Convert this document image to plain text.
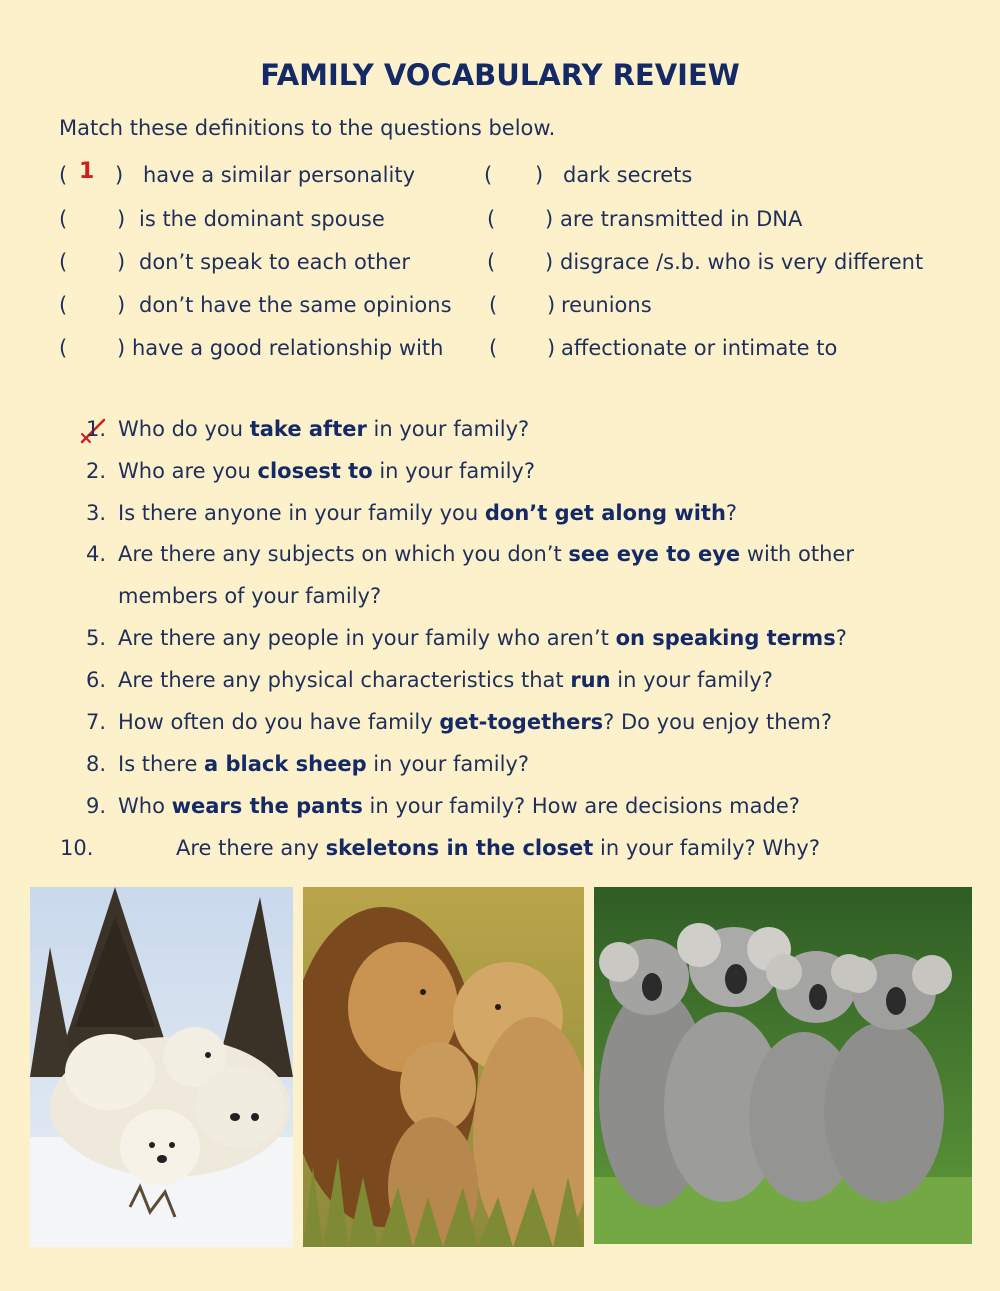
FAMILY VOCABULARY REVIEW
Match these definitions to the questions below.
( 1 ) have a similar personality	( ) dark secrets
( ) is the dominant spouse	( ) are transmitted in DNA
( ) don’t speak to each other	( ) disgrace /s.b. who is very different
( ) don’t have the same opinions ( ) reunions
( ) have a good relationship with ( ) affectionate or intimate to
1. Who do you take after in your family?
2. Who are you closest to in your family?
3. Is there anyone in your family you don’t get along with?
4. Are there any subjects on which you don’t see eye to eye with other
members of your family?
5. Are there any people in your family who aren’t on speaking terms?
6. Are there any physical characteristics that run in your family?
7. How often do you have family get-togethers? Do you enjoy them?
8. Is there a black sheep in your family?
9. Who wears the pants in your family? How are decisions made?
10.	Are there any skeletons in the closet in your family? Why?
